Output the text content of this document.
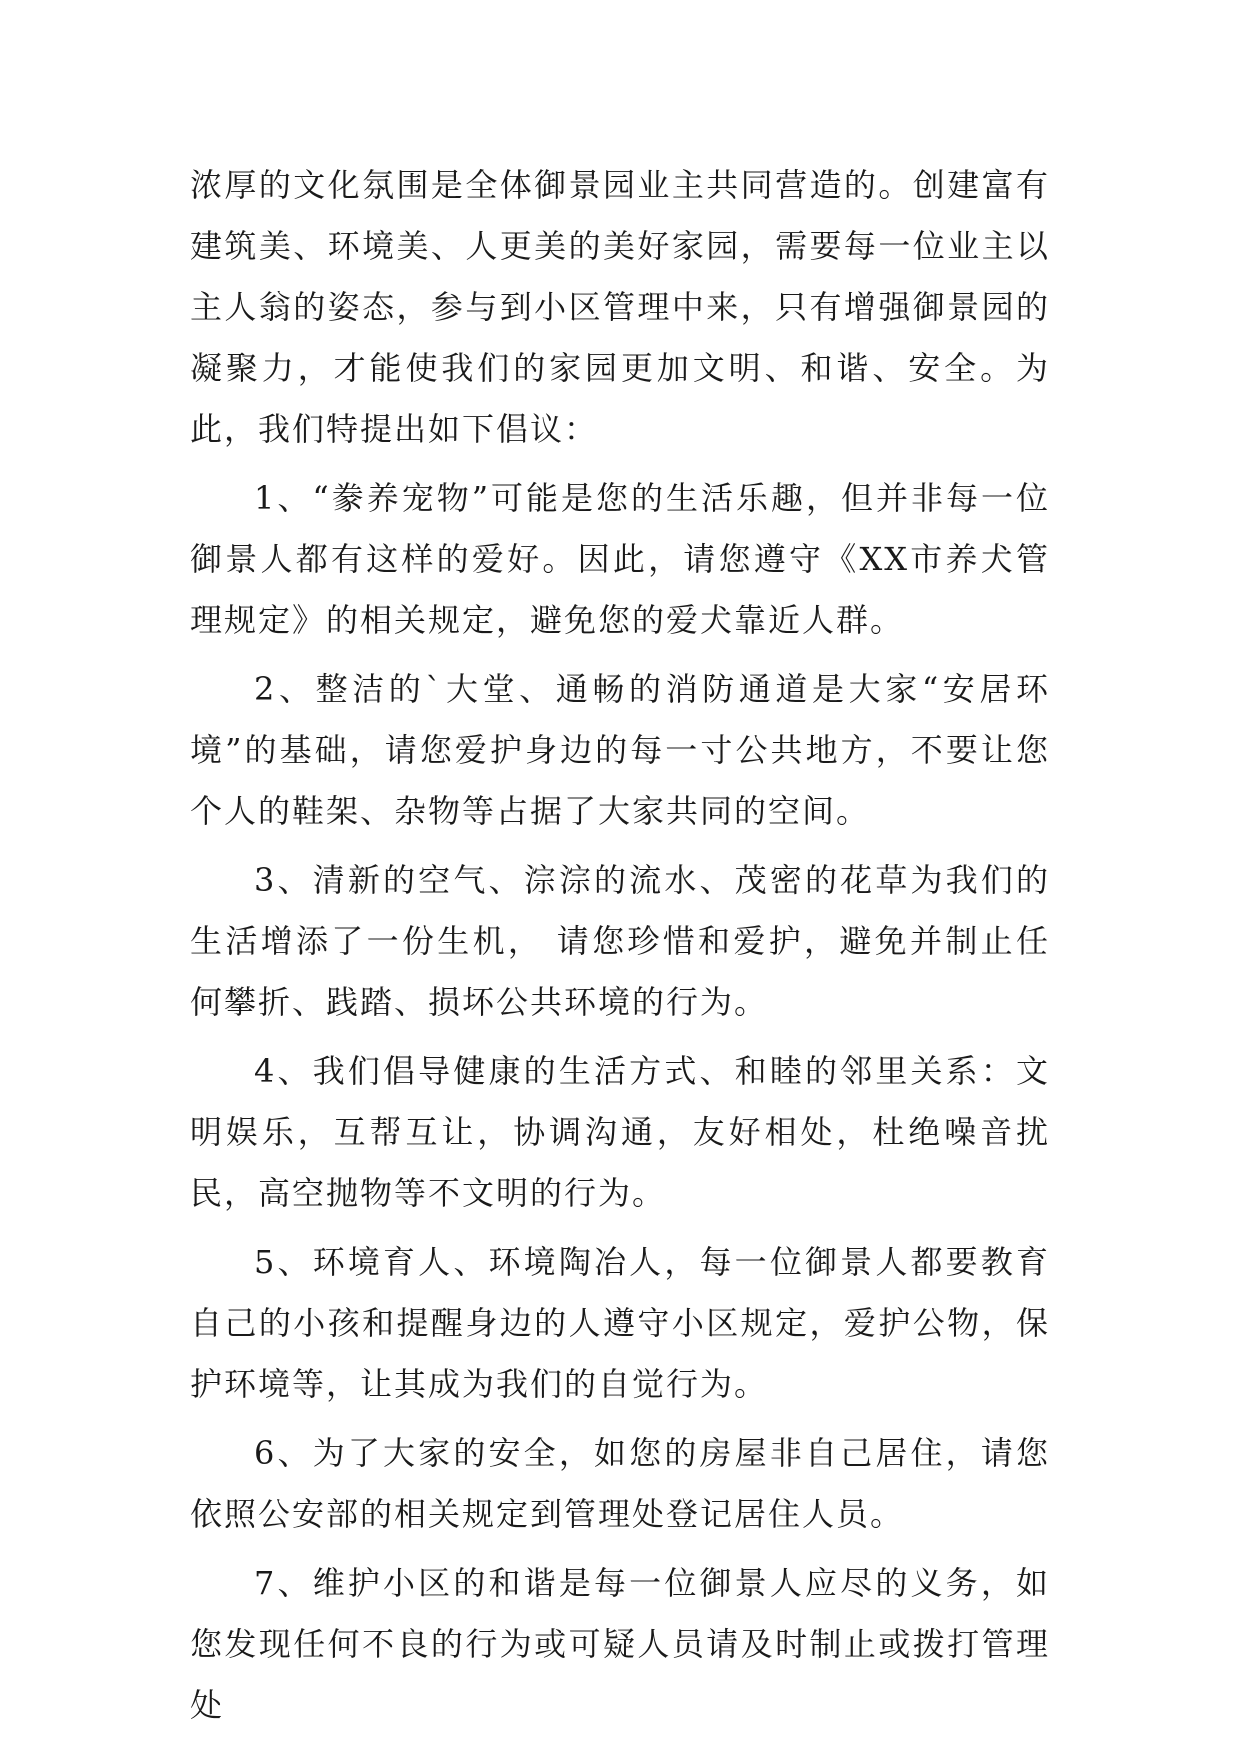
浓厚的文化氛围是全体御景园业主共同营造的。创建富有建筑美、环境美、人更美的美好家园，需要每一位业主以主人翁的姿态，参与到小区管理中来，只有增强御景园的凝聚力，才能使我们的家园更加文明、和谐、安全。为此，我们特提出如下倡议：

1、“豢养宠物”可能是您的生活乐趣，但并非每一位御景人都有这样的爱好。因此，请您遵守《XX市养犬管理规定》的相关规定，避免您的爱犬靠近人群。

2、整洁的`大堂、通畅的消防通道是大家“安居环境”的基础，请您爱护身边的每一寸公共地方，不要让您个人的鞋架、杂物等占据了大家共同的空间。

3、清新的空气、淙淙的流水、茂密的花草为我们的生活增添了一份生机， 请您珍惜和爱护，避免并制止任何攀折、践踏、损坏公共环境的行为。

4、我们倡导健康的生活方式、和睦的邻里关系：文明娱乐，互帮互让，协调沟通，友好相处，杜绝噪音扰民，高空抛物等不文明的行为。

5、环境育人、环境陶冶人，每一位御景人都要教育自己的小孩和提醒身边的人遵守小区规定，爱护公物，保护环境等，让其成为我们的自觉行为。

6、为了大家的安全，如您的房屋非自己居住，请您依照公安部的相关规定到管理处登记居住人员。

7、维护小区的和谐是每一位御景人应尽的义务，如您发现任何不良的行为或可疑人员请及时制止或拨打管理处
